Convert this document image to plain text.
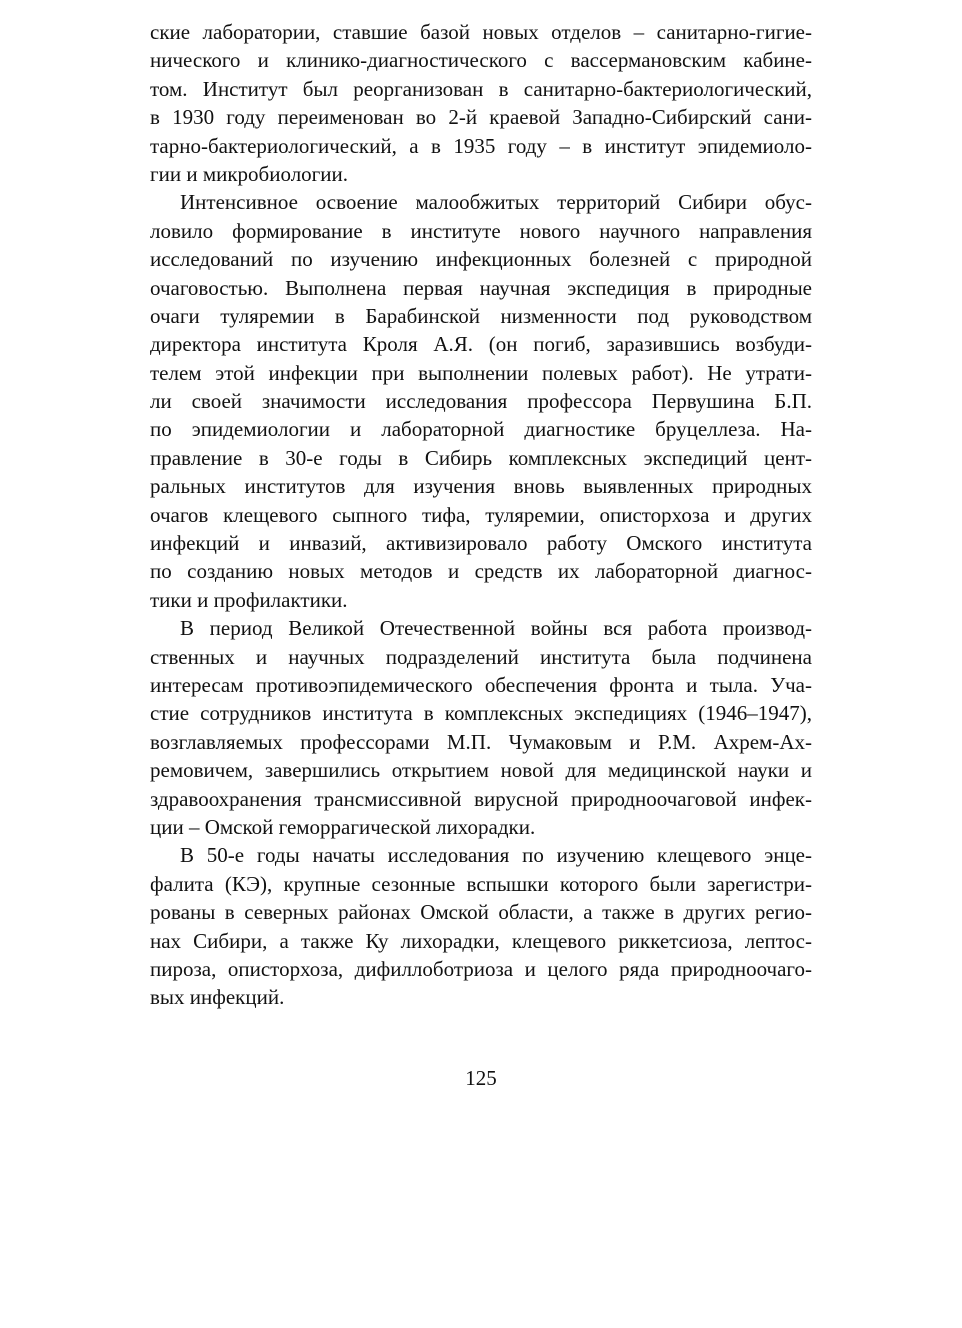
ские лаборатории, ставшие базой новых отделов – санитарно-гигие-
нического и клинико-диагностического с вассермановским кабине-
том. Институт был реорганизован в санитарно-бактериологический,
в 1930 году переименован во 2-й краевой Западно-Сибирский сани-
тарно-бактериологический, а в 1935 году – в институт эпидемиоло-
гии и микробиологии.

Интенсивное освоение малообжитых территорий Сибири обус-
ловило формирование в институте нового научного направления
исследований по изучению инфекционных болезней с природной
очаговостью. Выполнена первая научная экспедиция в природные
очаги туляремии в Барабинской низменности под руководством
директора института Кроля А.Я. (он погиб, заразившись возбуди-
телем этой инфекции при выполнении полевых работ). Не утрати-
ли своей значимости исследования профессора Первушина Б.П.
по эпидемиологии и лабораторной диагностике бруцеллеза. На-
правление в 30-е годы в Сибирь комплексных экспедиций цент-
ральных институтов для изучения вновь выявленных природных
очагов клещевого сыпного тифа, туляремии, описторхоза и других
инфекций и инвазий, активизировало работу Омского института
по созданию новых методов и средств их лабораторной диагнос-
тики и профилактики.

В период Великой Отечественной войны вся работа производ-
ственных и научных подразделений института была подчинена
интересам противоэпидемического обеспечения фронта и тыла. Уча-
стие сотрудников института в комплексных экспедициях (1946–1947),
возглавляемых профессорами М.П. Чумаковым и Р.М. Ахрем-Ах-
ремовичем, завершились открытием новой для медицинской науки и
здравоохранения трансмиссивной вирусной природноочаговой инфек-
ции – Омской геморрагической лихорадки.

В 50-е годы начаты исследования по изучению клещевого энце-
фалита (КЭ), крупные сезонные вспышки которого были зарегистри-
рованы в северных районах Омской области, а также в других регио-
нах Сибири, а также Ку лихорадки, клещевого риккетсиоза, лептос-
пироза, описторхоза, дифиллоботриоза и целого ряда природноочаго-
вых инфекций.

125
